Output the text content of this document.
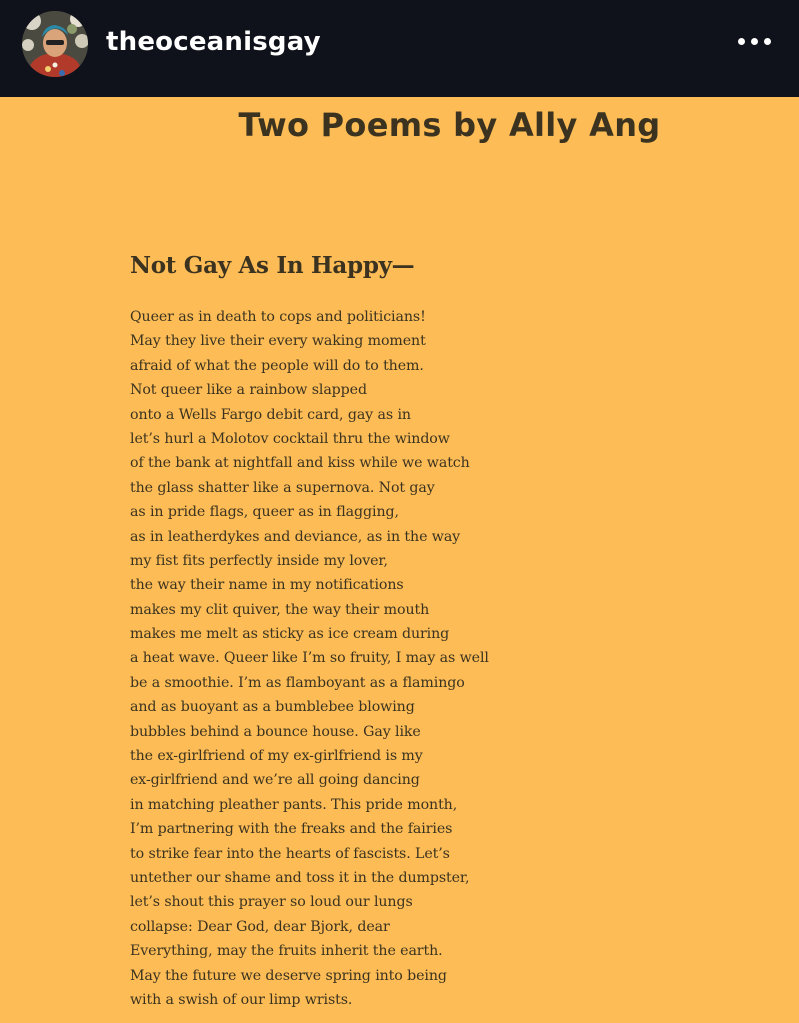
theoceanisgay
Two Poems by Ally Ang
Not Gay As In Happy—
Queer as in death to cops and politicians!
May they live their every waking moment
afraid of what the people will do to them.
Not queer like a rainbow slapped
onto a Wells Fargo debit card, gay as in
let’s hurl a Molotov cocktail thru the window
of the bank at nightfall and kiss while we watch
the glass shatter like a supernova. Not gay
as in pride flags, queer as in flagging,
as in leatherdykes and deviance, as in the way
my fist fits perfectly inside my lover,
the way their name in my notifications
makes my clit quiver, the way their mouth
makes me melt as sticky as ice cream during
a heat wave. Queer like I’m so fruity, I may as well
be a smoothie. I’m as flamboyant as a flamingo
and as buoyant as a bumblebee blowing
bubbles behind a bounce house. Gay like
the ex-girlfriend of my ex-girlfriend is my
ex-girlfriend and we’re all going dancing
in matching pleather pants. This pride month,
I’m partnering with the freaks and the fairies
to strike fear into the hearts of fascists. Let’s
untether our shame and toss it in the dumpster,
let’s shout this prayer so loud our lungs
collapse: Dear God, dear Bjork, dear
Everything, may the fruits inherit the earth.
May the future we deserve spring into being
with a swish of our limp wrists.
